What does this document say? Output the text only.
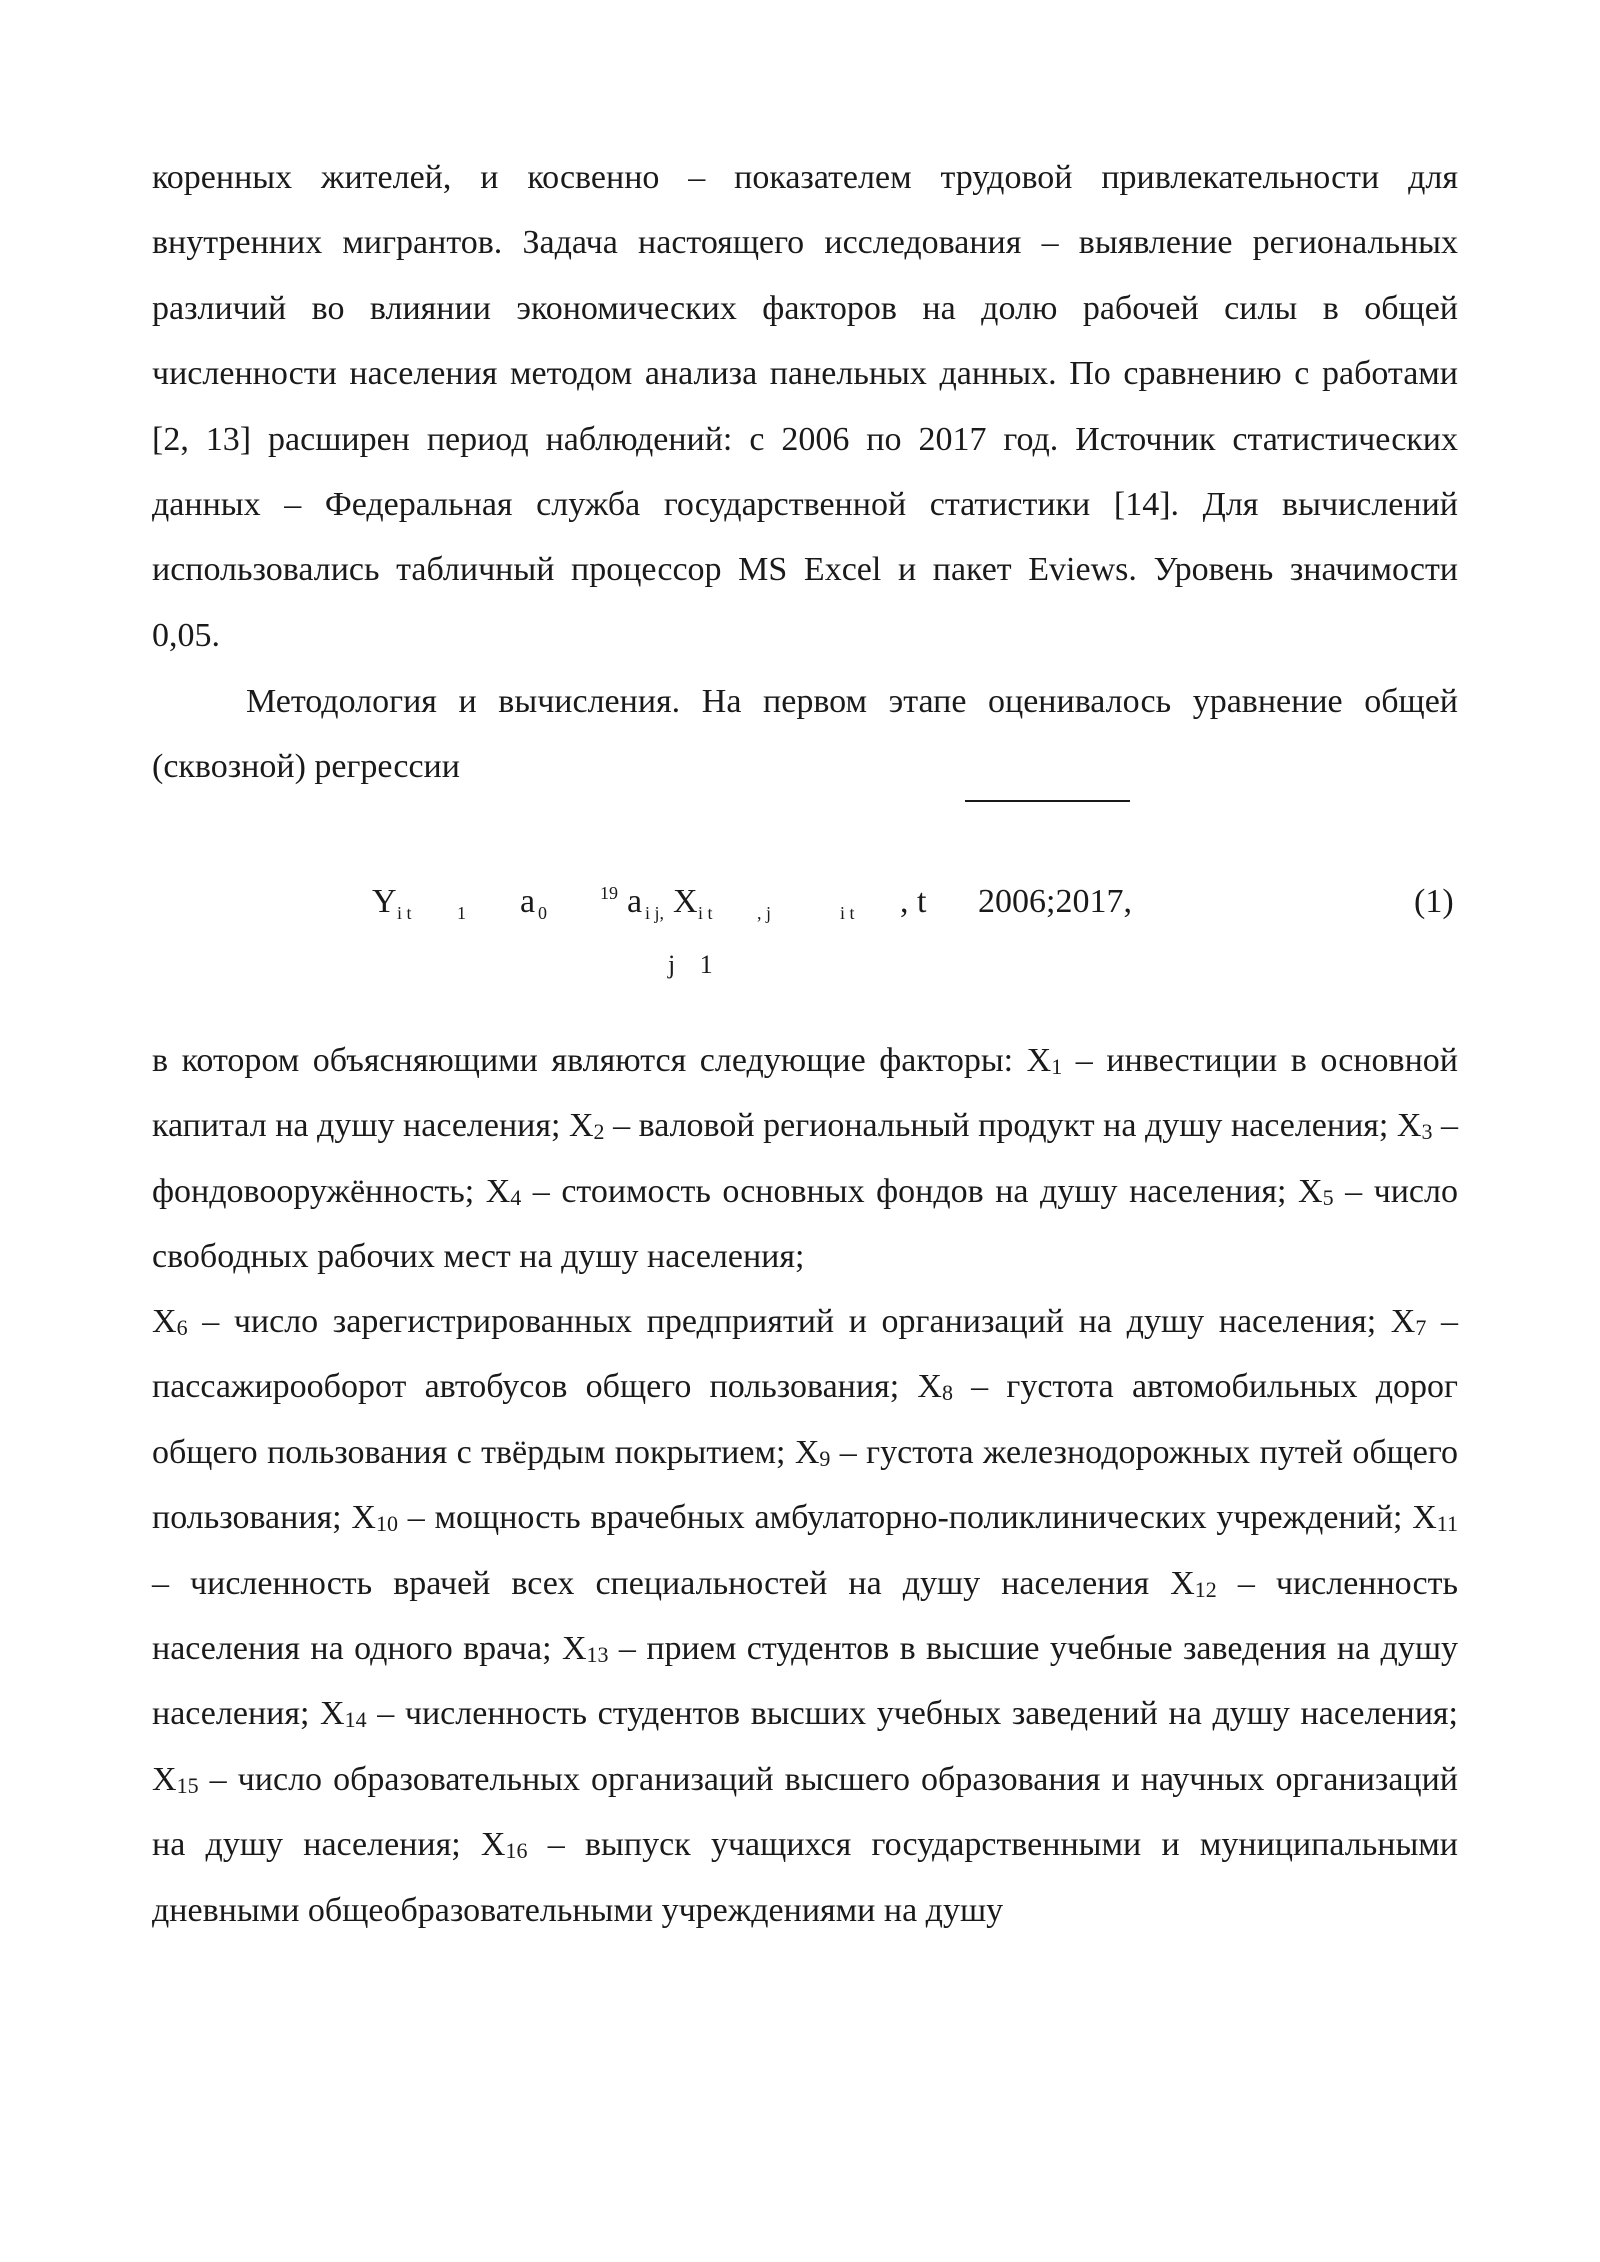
коренных жителей, и косвенно – показателем трудовой привлекательности для внутренних мигрантов. Задача настоящего исследования – выявление региональных различий во влиянии экономических факторов на долю рабочей силы в общей численности населения методом анализа панельных данных. По сравнению с работами [2, 13] расширен период наблюдений: с 2006 по 2017 год. Источник статистических данных – Федеральная служба государственной статистики [14]. Для вычислений использовались табличный процессор MS Excel и пакет Eviews. Уровень значимости 0,05.

Методология и вычисления. На первом этапе оценивалось уравнение общей (сквозной) регрессии

Y i t	1 a 0
19 a i j, X i t , j	i t , t 2006;2017,	(1)
j 1

в котором объясняющими являются следующие факторы: $X_1$ – инвестиции в основной капитал на душу населения; $X_2$ – валовой региональный продукт на душу населения; $X_3$ – фондовооружённость; $X_4$ – стоимость основных фондов на душу населения; $X_5$ – число свободных рабочих мест на душу населения;

$X_6$ – число зарегистрированных предприятий и организаций на душу населения; $X_7$ – пассажирооборот автобусов общего пользования; $X_8$ – густота автомобильных дорог общего пользования с твёрдым покрытием; $X_9$ – густота железнодорожных путей общего пользования; $X_{10}$ – мощность врачебных амбулаторно-поликлинических учреждений; $X_{11}$ – численность врачей всех специальностей на душу населения $X_{12}$ – численность населения на одного врача; $X_{13}$ – прием студентов в высшие учебные заведения на душу населения; $X_{14}$ – численность студентов высших учебных заведений на душу населения; $X_{15}$ – число образовательных организаций высшего образования и научных организаций на душу населения; $X_{16}$ – выпуск учащихся государственными и муниципальными дневными общеобразовательными учреждениями на душу
